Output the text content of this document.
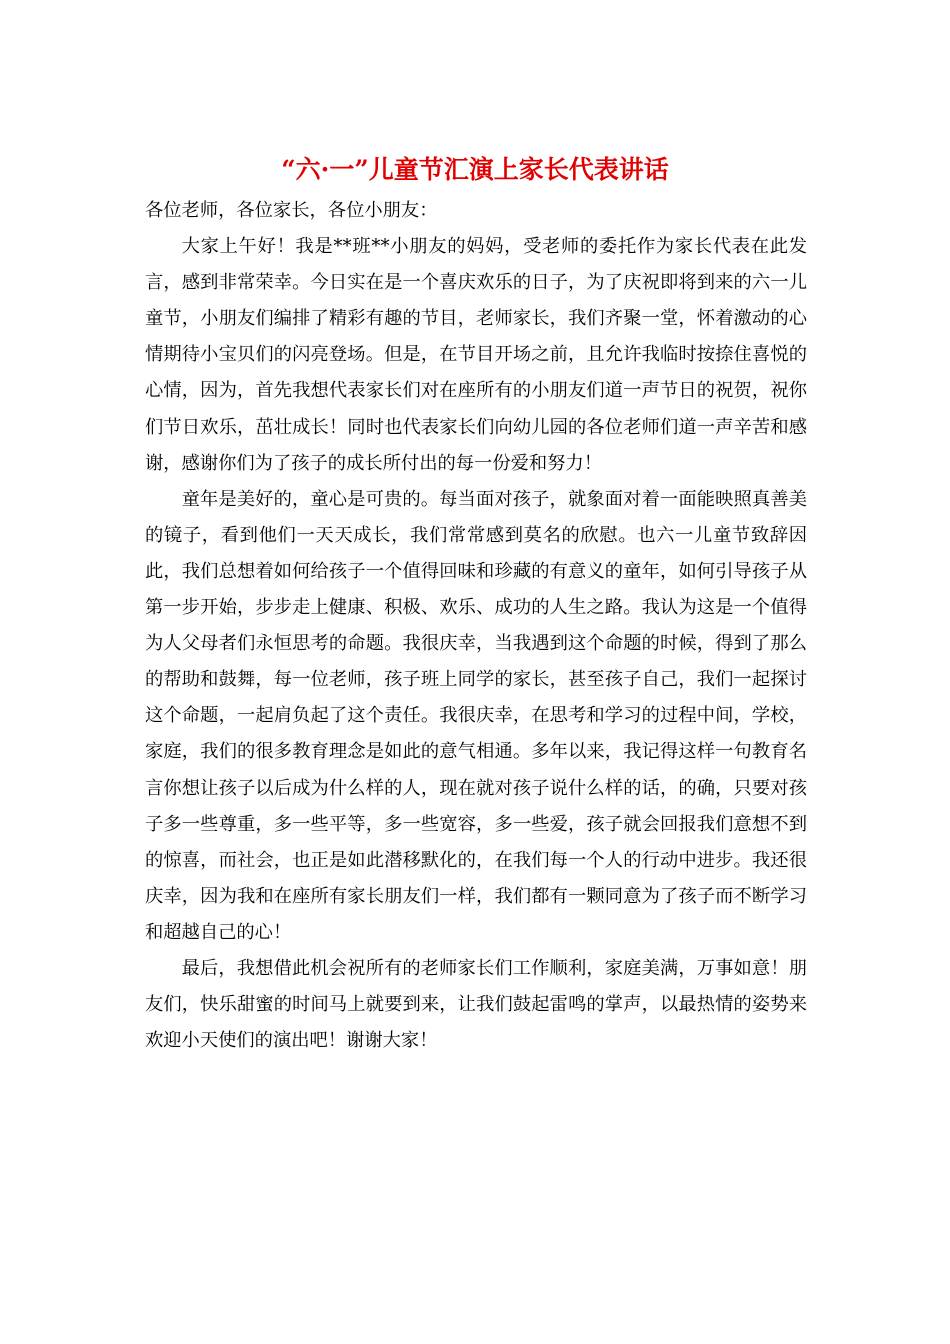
“六·一”儿童节汇演上家长代表讲话

各位老师，各位家长，各位小朋友：

大家上午好！我是**班**小朋友的妈妈，受老师的委托作为家长代表在此发言，感到非常荣幸。今日实在是一个喜庆欢乐的日子，为了庆祝即将到来的六一儿童节，小朋友们编排了精彩有趣的节目，老师家长，我们齐聚一堂，怀着激动的心情期待小宝贝们的闪亮登场。但是，在节目开场之前，且允许我临时按捺住喜悦的心情，因为，首先我想代表家长们对在座所有的小朋友们道一声节日的祝贺，祝你们节日欢乐，茁壮成长！同时也代表家长们向幼儿园的各位老师们道一声辛苦和感谢，感谢你们为了孩子的成长所付出的每一份爱和努力！

童年是美好的，童心是可贵的。每当面对孩子，就象面对着一面能映照真善美的镜子，看到他们一天天成长，我们常常感到莫名的欣慰。也六一儿童节致辞因此，我们总想着如何给孩子一个值得回味和珍藏的有意义的童年，如何引导孩子从第一步开始，步步走上健康、积极、欢乐、成功的人生之路。我认为这是一个值得为人父母者们永恒思考的命题。我很庆幸，当我遇到这个命题的时候，得到了那么的帮助和鼓舞，每一位老师，孩子班上同学的家长，甚至孩子自己，我们一起探讨这个命题，一起肩负起了这个责任。我很庆幸，在思考和学习的过程中间，学校，家庭，我们的很多教育理念是如此的意气相通。多年以来，我记得这样一句教育名言你想让孩子以后成为什么样的人，现在就对孩子说什么样的话，的确，只要对孩子多一些尊重，多一些平等，多一些宽容，多一些爱，孩子就会回报我们意想不到的惊喜，而社会，也正是如此潜移默化的，在我们每一个人的行动中进步。我还很庆幸，因为我和在座所有家长朋友们一样，我们都有一颗同意为了孩子而不断学习和超越自己的心！

最后，我想借此机会祝所有的老师家长们工作顺利，家庭美满，万事如意！朋友们，快乐甜蜜的时间马上就要到来，让我们鼓起雷鸣的掌声，以最热情的姿势来欢迎小天使们的演出吧！谢谢大家！
